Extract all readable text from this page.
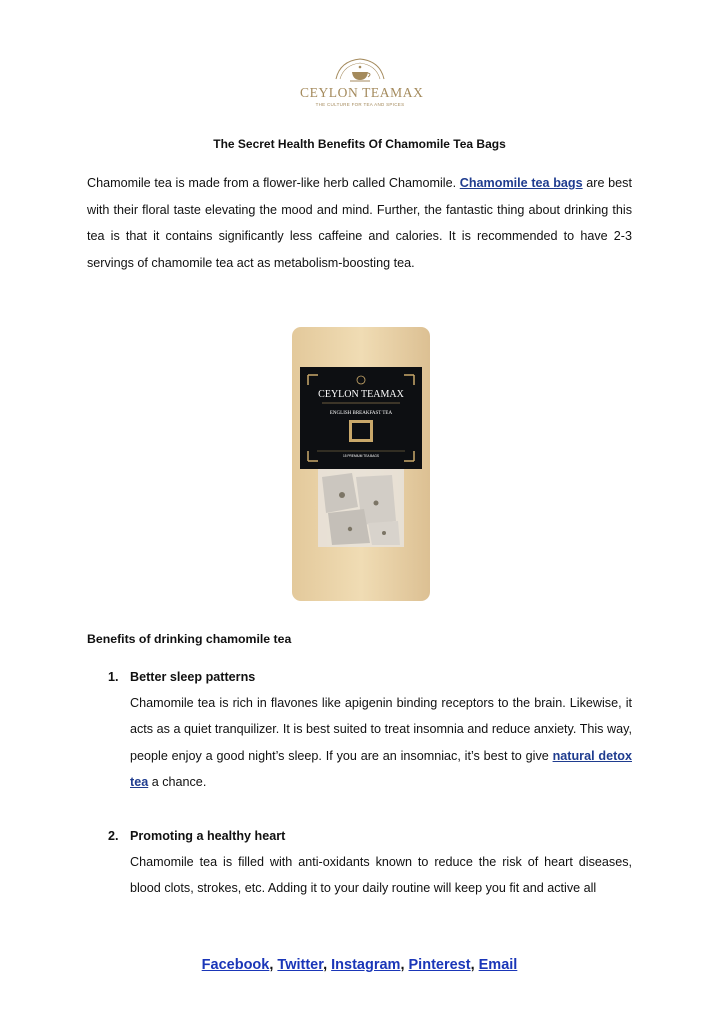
CEYLON TEAMAX
THE CULTURE FOR TEA AND SPICES
The Secret Health Benefits Of Chamomile Tea Bags
Chamomile tea is made from a flower-like herb called Chamomile. Chamomile tea bags are best with their floral taste elevating the mood and mind. Further, the fantastic thing about drinking this tea is that it contains significantly less caffeine and calories. It is recommended to have 2-3 servings of chamomile tea act as metabolism-boosting tea.
CEYLON TEAMAX
ENGLISH BREAKFAST TEA
15 PREMIUM TEA BAGS
Benefits of drinking chamomile tea
1. Better sleep patterns
Chamomile tea is rich in flavones like apigenin binding receptors to the brain. Likewise, it acts as a quiet tranquilizer. It is best suited to treat insomnia and reduce anxiety. This way, people enjoy a good night’s sleep. If you are an insomniac, it’s best to give natural detox tea a chance.
2. Promoting a healthy heart
Chamomile tea is filled with anti-oxidants known to reduce the risk of heart diseases, blood clots, strokes, etc. Adding it to your daily routine will keep you fit and active all
Facebook, Twitter, Instagram, Pinterest, Email
